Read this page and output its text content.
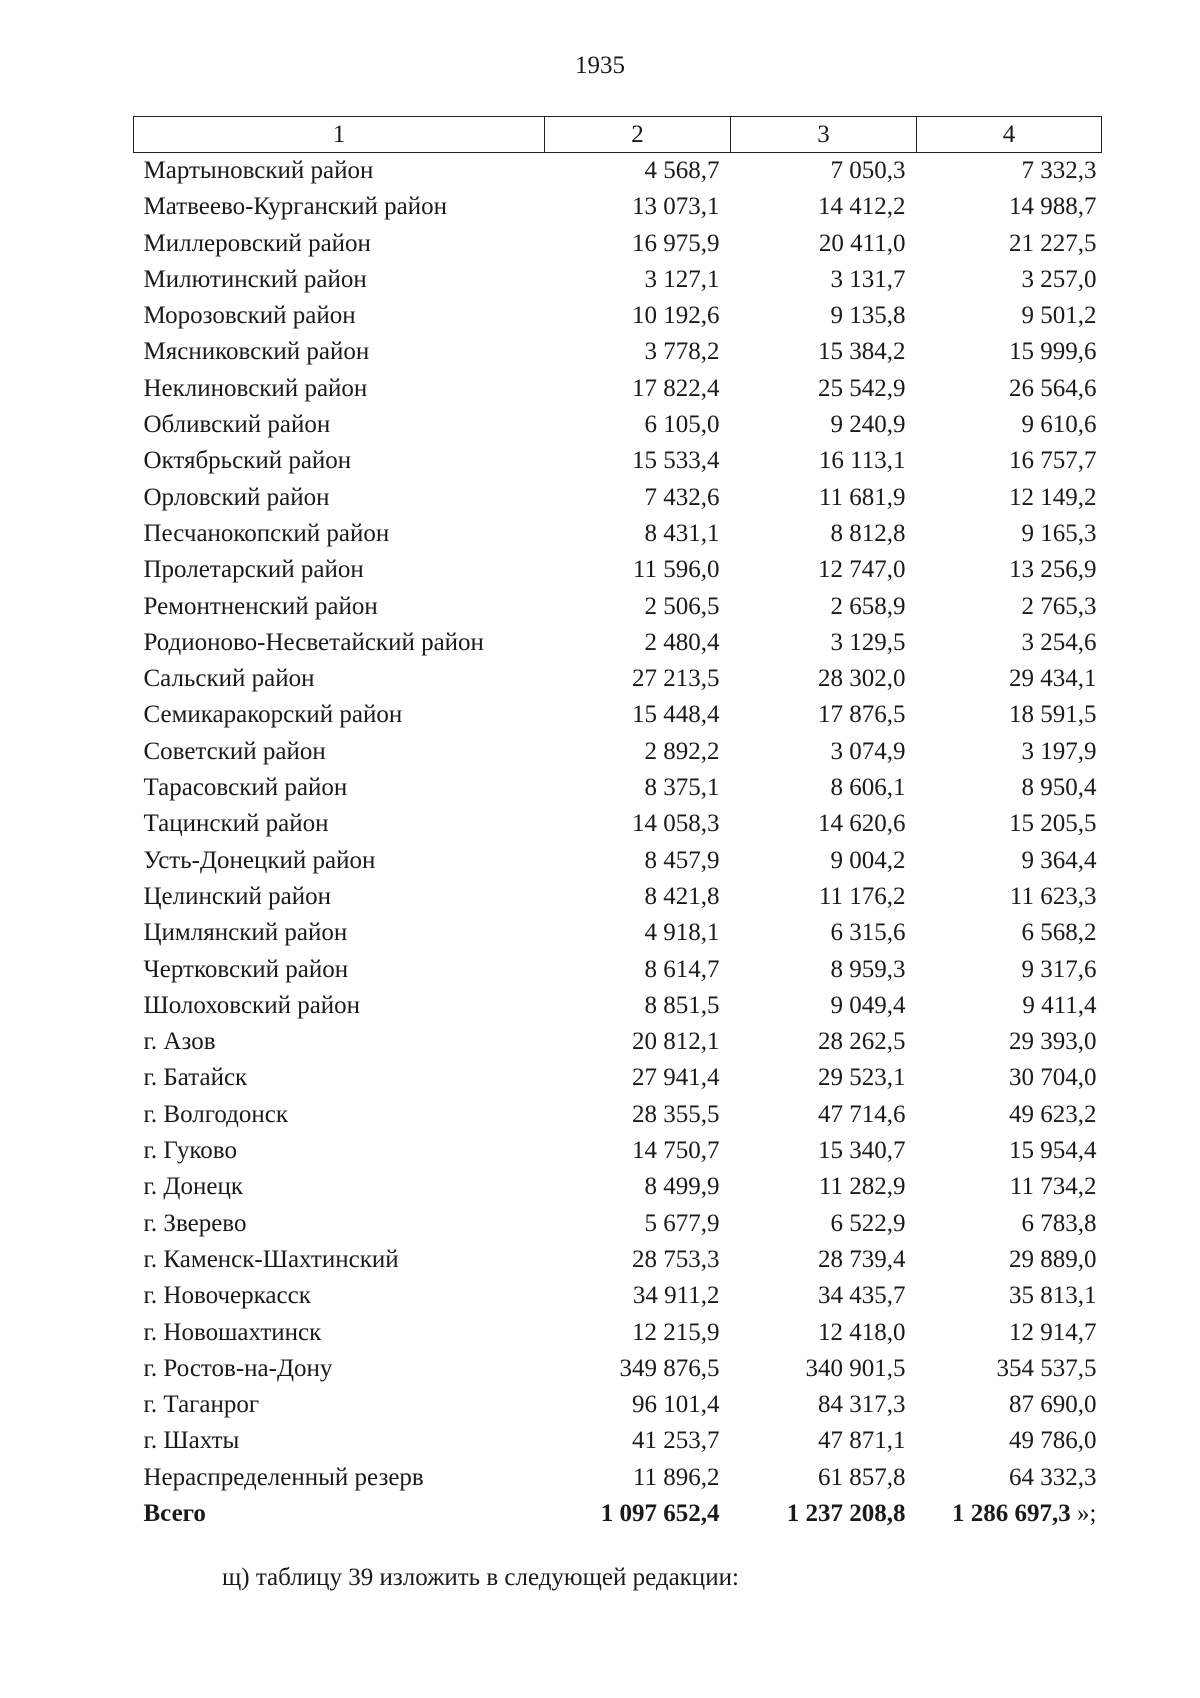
1935
1	2	3	4
Мартыновский район	4 568,7	7 050,3	7 332,3
Матвеево-Курганский район	13 073,1	14 412,2	14 988,7
Миллеровский район	16 975,9	20 411,0	21 227,5
Милютинский район	3 127,1	3 131,7	3 257,0
Морозовский район	10 192,6	9 135,8	9 501,2
Мясниковский район	3 778,2	15 384,2	15 999,6
Неклиновский район	17 822,4	25 542,9	26 564,6
Обливский район	6 105,0	9 240,9	9 610,6
Октябрьский район	15 533,4	16 113,1	16 757,7
Орловский район	7 432,6	11 681,9	12 149,2
Песчанокопский район	8 431,1	8 812,8	9 165,3
Пролетарский район	11 596,0	12 747,0	13 256,9
Ремонтненский район	2 506,5	2 658,9	2 765,3
Родионово-Несветайский район	2 480,4	3 129,5	3 254,6
Сальский район	27 213,5	28 302,0	29 434,1
Семикаракорский район	15 448,4	17 876,5	18 591,5
Советский район	2 892,2	3 074,9	3 197,9
Тарасовский район	8 375,1	8 606,1	8 950,4
Тацинский район	14 058,3	14 620,6	15 205,5
Усть-Донецкий район	8 457,9	9 004,2	9 364,4
Целинский район	8 421,8	11 176,2	11 623,3
Цимлянский район	4 918,1	6 315,6	6 568,2
Чертковский район	8 614,7	8 959,3	9 317,6
Шолоховский район	8 851,5	9 049,4	9 411,4
г. Азов	20 812,1	28 262,5	29 393,0
г. Батайск	27 941,4	29 523,1	30 704,0
г. Волгодонск	28 355,5	47 714,6	49 623,2
г. Гуково	14 750,7	15 340,7	15 954,4
г. Донецк	8 499,9	11 282,9	11 734,2
г. Зверево	5 677,9	6 522,9	6 783,8
г. Каменск-Шахтинский	28 753,3	28 739,4	29 889,0
г. Новочеркасск	34 911,2	34 435,7	35 813,1
г. Новошахтинск	12 215,9	12 418,0	12 914,7
г. Ростов-на-Дону	349 876,5	340 901,5	354 537,5
г. Таганрог	96 101,4	84 317,3	87 690,0
г. Шахты	41 253,7	47 871,1	49 786,0
Нераспределенный резерв	11 896,2	61 857,8	64 332,3
Всего	1 097 652,4	1 237 208,8	1 286 697,3 »;
щ) таблицу 39 изложить в следующей редакции:
